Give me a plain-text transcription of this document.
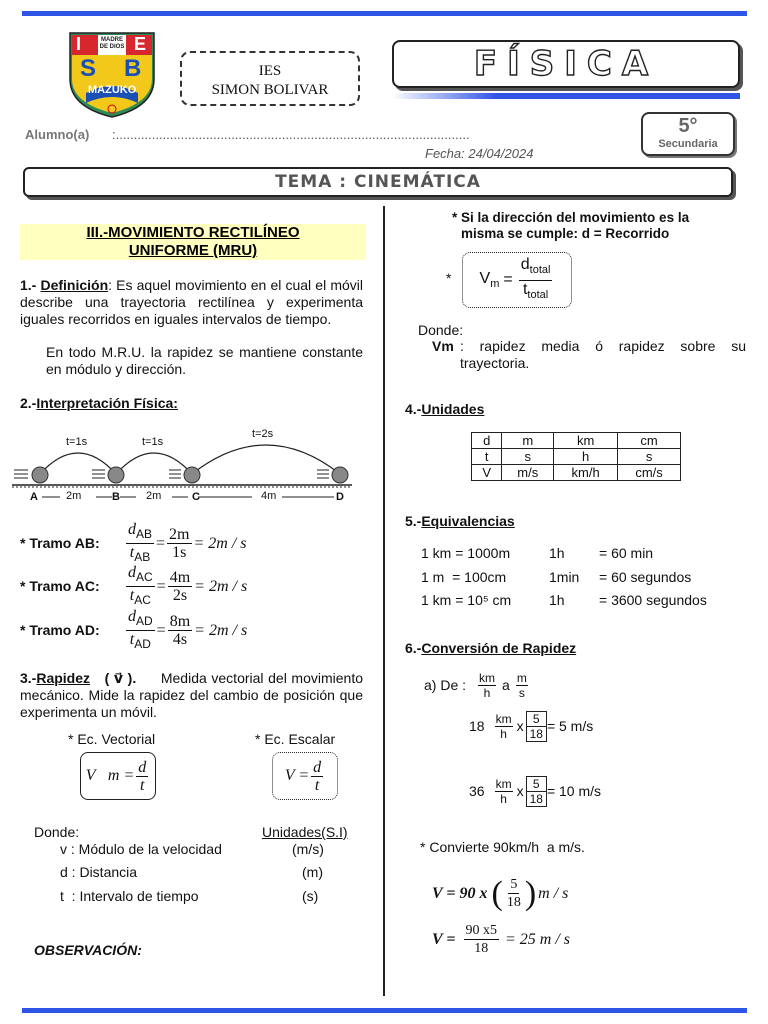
I	E
MADRE DE DIOS
S B
MAZUKO
IES
SIMON BOLIVAR
FÍSICA
Alumno(a) :..................................................................................................
Fecha: 24/04/2024
5°
Secundaria
TEMA : CINEMÁTICA
III.-MOVIMIENTO RECTILÍNEO
UNIFORME (MRU)
1.- Definición: Es aquel movimiento en el cual el móvil describe una trayectoria rectilínea y experimenta iguales recorridos en iguales intervalos de tiempo.
En todo M.R.U. la rapidez se mantiene constante en módulo y dirección.
2.-Interpretación Física:
t=1s	t=1s
t=2s
A	B	C	D
2m	2m	4m
* Tramo AB:	$\frac{d_{AB}}{t_{AB}} = \frac{2m}{1s} = 2m / s$
* Tramo AC:	$\frac{d_{AC}}{t_{AC}} = \frac{4m}{2s} = 2m / s$
* Tramo AD:	$\frac{d_{AD}}{t_{AD}} = \frac{8m}{4s} = 2m / s$
3.-Rapidez ( v⃗ ). Medida vectorial del movimiento mecánico. Mide la rapidez del cambio de posición que experimenta un móvil.
* Ec. Vectorial	* Ec. Escalar
V⃗m = $\frac{d}{t}$	$V = \frac{d}{t}$
Donde:	Unidades(S.I)
v : Módulo de la velocidad	(m/s)
d : Distancia	(m)
t  : Intervalo de tiempo	(s)
OBSERVACIÓN:
* Si la dirección del movimiento es la
misma se cumple: d = Recorrido
* $V_m = \frac{d_{total}}{t_{total}}$
Donde:
Vm : rapidez media ó rapidez sobre su trayectoria.
4.-Unidades
d	m	km	cm
t	s	h	s
V	m/s	km/h	cm/s
5.-Equivalencias
1 km = 1000m	1h = 60 min
1 m  = 100cm	1min = 60 segundos
1 km = 10⁵ cm	1h = 3600 segundos
6.-Conversión de Rapidez
a) De : $\frac{km}{h}$ a $\frac{m}{s}$
$18 \frac{km}{h}$ x $\frac{5}{18} = 5$ m/s
$36 \frac{km}{h}$ x $\frac{5}{18} = 10$ m/s
* Convierte 90km/h  a m/s.
V = 90 x ( $\frac{5}{18}$ ) m / s
$V = \frac{90 x5}{18} = 25$ m / s
